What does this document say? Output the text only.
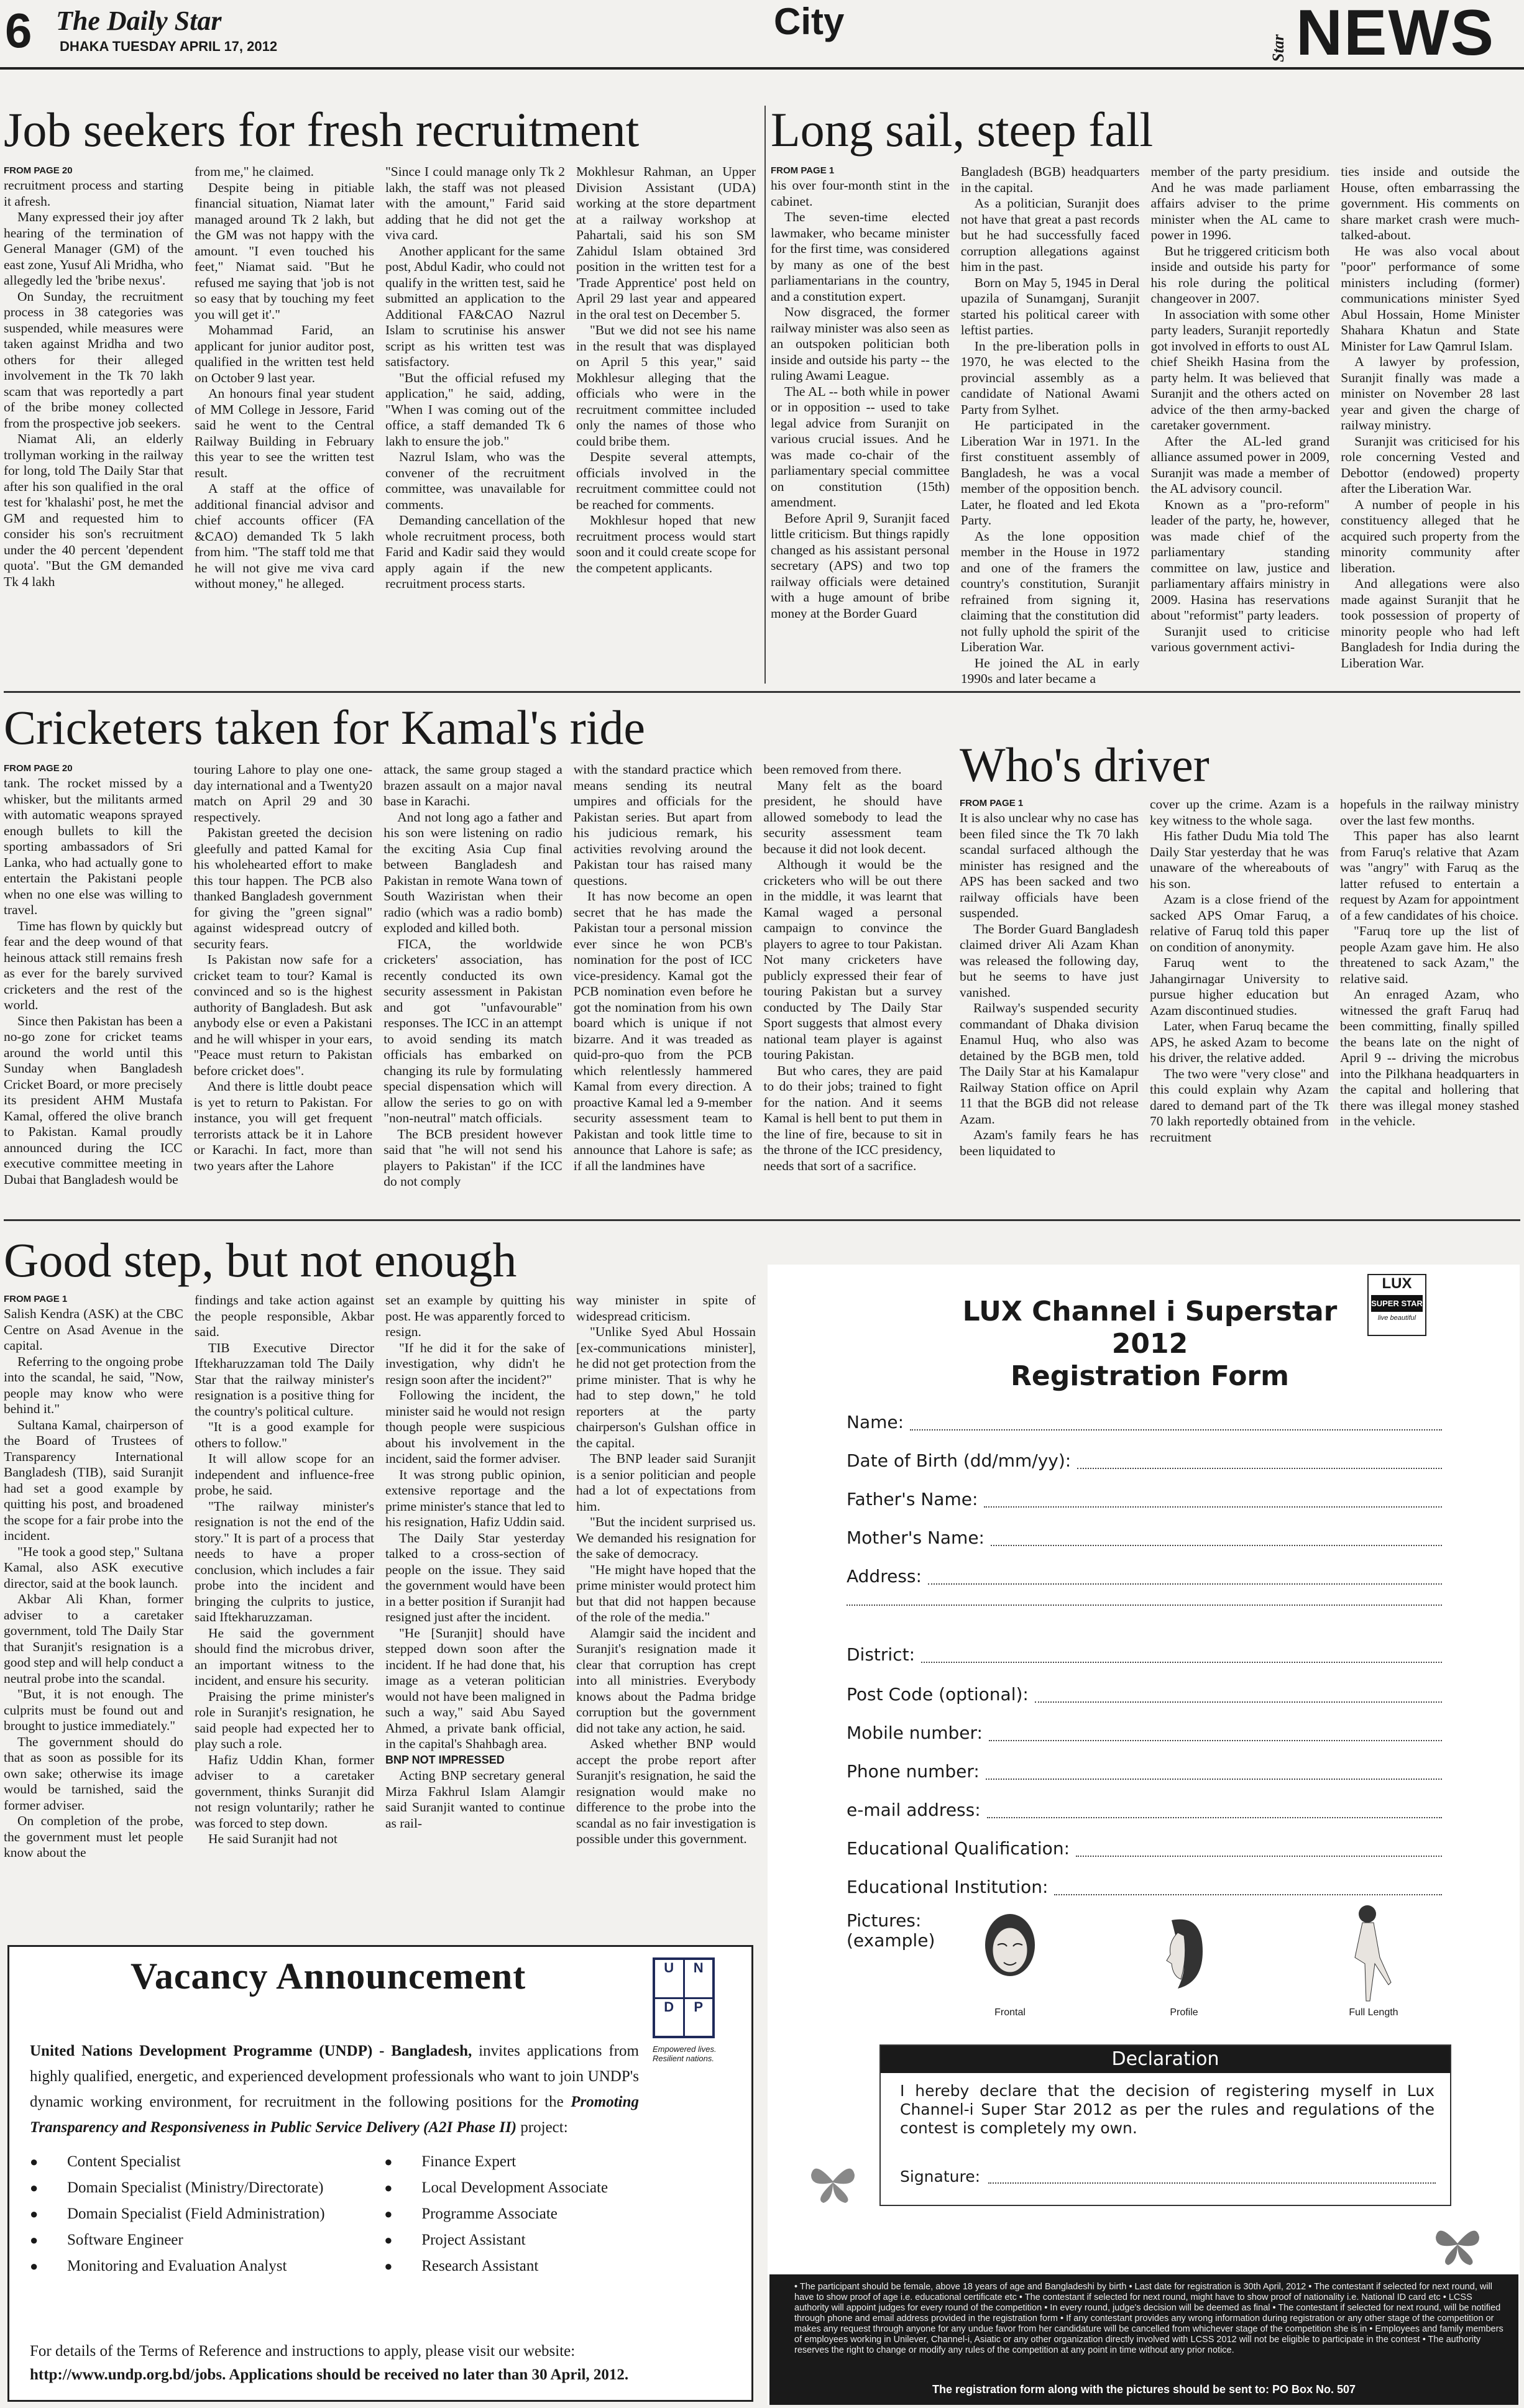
6 The Daily Star
DHAKA TUESDAY APRIL 17, 2012
City
Star NEWS
Job seekers for fresh recruitment
FROM PAGE 20

recruitment process and starting it afresh.

Many expressed their joy after hearing of the termination of General Manager (GM) of the east zone, Yusuf Ali Mridha, who allegedly led the 'bribe nexus'.

On Sunday, the recruitment process in 38 categories was suspended, while measures were taken against Mridha and two others for their alleged involvement in the Tk 70 lakh scam that was reportedly a part of the bribe money collected from the prospective job seekers.

Niamat Ali, an elderly trollyman working in the railway for long, told The Daily Star that after his son qualified in the oral test for 'khalashi' post, he met the GM and requested him to consider his son's recruitment under the 40 percent 'dependent quota'. "But the GM demanded Tk 4 lakh

from me," he claimed.

Despite being in pitiable financial situation, Niamat later managed around Tk 2 lakh, but the GM was not happy with the amount. "I even touched his feet," Niamat said. "But he refused me saying that 'job is not so easy that by touching my feet you will get it'."

Mohammad Farid, an applicant for junior auditor post, qualified in the written test held on October 9 last year.

An honours final year student of MM College in Jessore, Farid said he went to the Central Railway Building in February this year to see the written test result.

A staff at the office of additional financial advisor and chief accounts officer (FA &CAO) demanded Tk 5 lakh from him. "The staff told me that he will not give me viva card without money," he alleged.

"Since I could manage only Tk 2 lakh, the staff was not pleased with the amount," Farid said adding that he did not get the viva card.

Another applicant for the same post, Abdul Kadir, who could not qualify in the written test, said he submitted an application to the Additional FA&CAO Nazrul Islam to scrutinise his answer script as his written test was satisfactory.

"But the official refused my application," he said, adding, "When I was coming out of the office, a staff demanded Tk 6 lakh to ensure the job."

Nazrul Islam, who was the convener of the recruitment committee, was unavailable for comments.

Demanding cancellation of the whole recruitment process, both Farid and Kadir said they would apply again if the new recruitment process starts.

Mokhlesur Rahman, an Upper Division Assistant (UDA) working at the store department at a railway workshop at Pahartali, said his son SM Zahidul Islam obtained 3rd position in the written test for a 'Trade Apprentice' post held on April 29 last year and appeared in the oral test on December 5.

"But we did not see his name in the result that was displayed on April 5 this year," said Mokhlesur alleging that the officials who were in the recruitment committee included only the names of those who could bribe them.

Despite several attempts, officials involved in the recruitment committee could not be reached for comments.

Mokhlesur hoped that new recruitment process would start soon and it could create scope for the competent applicants.

Long sail, steep fall
FROM PAGE 1

his over four-month stint in the cabinet.

The seven-time elected lawmaker, who became minister for the first time, was considered by many as one of the best parliamentarians in the country, and a constitution expert.

Now disgraced, the former railway minister was also seen as an outspoken politician both inside and outside his party -- the ruling Awami League.

The AL -- both while in power or in opposition -- used to take legal advice from Suranjit on various crucial issues. And he was made co-chair of the parliamentary special committee on constitution (15th) amendment.

Before April 9, Suranjit faced little criticism. But things rapidly changed as his assistant personal secretary (APS) and two top railway officials were detained with a huge amount of bribe money at the Border Guard

Bangladesh (BGB) headquarters in the capital.

As a politician, Suranjit does not have that great a past records but he had successfully faced corruption allegations against him in the past.

Born on May 5, 1945 in Deral upazila of Sunamganj, Suranjit started his political career with leftist parties.

In the pre-liberation polls in 1970, he was elected to the provincial assembly as a candidate of National Awami Party from Sylhet.

He participated in the Liberation War in 1971. In the first constituent assembly of Bangladesh, he was a vocal member of the opposition bench. Later, he floated and led Ekota Party.

As the lone opposition member in the House in 1972 and one of the framers the country's constitution, Suranjit refrained from signing it, claiming that the constitution did not fully uphold the spirit of the Liberation War.

He joined the AL in early 1990s and later became a

member of the party presidium. And he was made parliament affairs adviser to the prime minister when the AL came to power in 1996.

But he triggered criticism both inside and outside his party for his role during the political changeover in 2007.

In association with some other party leaders, Suranjit reportedly got involved in efforts to oust AL chief Sheikh Hasina from the party helm. It was believed that Suranjit and the others acted on advice of the then army-backed caretaker government.

After the AL-led grand alliance assumed power in 2009, Suranjit was made a member of the AL advisory council.

Known as a "pro-reform" leader of the party, he, however, was made chief of the parliamentary standing committee on law, justice and parliamentary affairs ministry in 2009. Hasina has reservations about "reformist" party leaders.

Suranjit used to criticise various government activi-

ties inside and outside the House, often embarrassing the government. His comments on share market crash were much-talked-about.

He was also vocal about "poor" performance of some ministers including (former) communications minister Syed Abul Hossain, Home Minister Shahara Khatun and State Minister for Law Qamrul Islam.

A lawyer by profession, Suranjit finally was made a minister on November 28 last year and given the charge of railway ministry.

Suranjit was criticised for his role concerning Vested and Debottor (endowed) property after the Liberation War.

A number of people in his constituency alleged that he acquired such property from the minority community after liberation.

And allegations were also made against Suranjit that he took possession of property of minority people who had left Bangladesh for India during the Liberation War.

Cricketers taken for Kamal's ride
FROM PAGE 20

tank. The rocket missed by a whisker, but the militants armed with automatic weapons sprayed enough bullets to kill the sporting ambassadors of Sri Lanka, who had actually gone to entertain the Pakistani people when no one else was willing to travel.

Time has flown by quickly but fear and the deep wound of that heinous attack still remains fresh as ever for the barely survived cricketers and the rest of the world.

Since then Pakistan has been a no-go zone for cricket teams around the world until this Sunday when Bangladesh Cricket Board, or more precisely its president AHM Mustafa Kamal, offered the olive branch to Pakistan. Kamal proudly announced during the ICC executive committee meeting in Dubai that Bangladesh would be

touring Lahore to play one one-day international and a Twenty20 match on April 29 and 30 respectively.

Pakistan greeted the decision gleefully and patted Kamal for his wholehearted effort to make this tour happen. The PCB also thanked Bangladesh government for giving the "green signal" against widespread outcry of security fears.

Is Pakistan now safe for a cricket team to tour? Kamal is convinced and so is the highest authority of Bangladesh. But ask anybody else or even a Pakistani and he will whisper in your ears, "Peace must return to Pakistan before cricket does".

And there is little doubt peace is yet to return to Pakistan. For instance, you will get frequent terrorists attack be it in Lahore or Karachi. In fact, more than two years after the Lahore

attack, the same group staged a brazen assault on a major naval base in Karachi.

And not long ago a father and his son were listening on radio the exciting Asia Cup final between Bangladesh and Pakistan in remote Wana town of South Waziristan when their radio (which was a radio bomb) exploded and killed both.

FICA, the worldwide cricketers' association, has recently conducted its own security assessment in Pakistan and got "unfavourable" responses. The ICC in an attempt to avoid sending its match officials has embarked on changing its rule by formulating special dispensation which will allow the series to go on with "non-neutral" match officials.

The BCB president however said that "he will not send his players to Pakistan" if the ICC do not comply

with the standard practice which means sending its neutral umpires and officials for the Pakistan series. But apart from his judicious remark, his activities revolving around the Pakistan tour has raised many questions.

It has now become an open secret that he has made the Pakistan tour a personal mission ever since he won PCB's nomination for the post of ICC vice-presidency. Kamal got the PCB nomination even before he got the nomination from his own board which is unique if not bizarre. And it was treaded as quid-pro-quo from the PCB which relentlessly hammered Kamal from every direction. A proactive Kamal led a 9-member security assessment team to Pakistan and took little time to announce that Lahore is safe; as if all the landmines have

been removed from there.

Many felt as the board president, he should have allowed somebody to lead the security assessment team because it did not look decent.

Although it would be the cricketers who will be out there in the middle, it was learnt that Kamal waged a personal campaign to convince the players to agree to tour Pakistan. Not many cricketers have publicly expressed their fear of touring Pakistan but a survey conducted by The Daily Star Sport suggests that almost every national team player is against touring Pakistan.

But who cares, they are paid to do their jobs; trained to fight for the nation. And it seems Kamal is hell bent to put them in the line of fire, because to sit in the throne of the ICC presidency, needs that sort of a sacrifice.

Who's driver
FROM PAGE 1

It is also unclear why no case has been filed since the Tk 70 lakh scandal surfaced although the minister has resigned and the APS has been sacked and two railway officials have been suspended.

The Border Guard Bangladesh claimed driver Ali Azam Khan was released the following day, but he seems to have just vanished.

Railway's suspended security commandant of Dhaka division Enamul Huq, who also was detained by the BGB men, told The Daily Star at his Kamalapur Railway Station office on April 11 that the BGB did not release Azam.

Azam's family fears he has been liquidated to

cover up the crime. Azam is a key witness to the whole saga.

His father Dudu Mia told The Daily Star yesterday that he was unaware of the whereabouts of his son.

Azam is a close friend of the sacked APS Omar Faruq, a relative of Faruq told this paper on condition of anonymity.

Faruq went to the Jahangirnagar University to pursue higher education but Azam discontinued studies.

Later, when Faruq became the APS, he asked Azam to become his driver, the relative added.

The two were "very close" and this could explain why Azam dared to demand part of the Tk 70 lakh reportedly obtained from recruitment

hopefuls in the railway ministry over the last few months.

This paper has also learnt from Faruq's relative that Azam was "angry" with Faruq as the latter refused to entertain a request by Azam for appointment of a few candidates of his choice.

"Faruq tore up the list of people Azam gave him. He also threatened to sack Azam," the relative said.

An enraged Azam, who witnessed the graft Faruq had been committing, finally spilled the beans late on the night of April 9 -- driving the microbus into the Pilkhana headquarters in the capital and hollering that there was illegal money stashed in the vehicle.

Good step, but not enough
FROM PAGE 1

Salish Kendra (ASK) at the CBC Centre on Asad Avenue in the capital.

Referring to the ongoing probe into the scandal, he said, "Now, people may know who were behind it."

Sultana Kamal, chairperson of the Board of Trustees of Transparency International Bangladesh (TIB), said Suranjit had set a good example by quitting his post, and broadened the scope for a fair probe into the incident.

"He took a good step," Sultana Kamal, also ASK executive director, said at the book launch.

Akbar Ali Khan, former adviser to a caretaker government, told The Daily Star that Suranjit's resignation is a good step and will help conduct a neutral probe into the scandal.

"But, it is not enough. The culprits must be found out and brought to justice immediately."

The government should do that as soon as possible for its own sake; otherwise its image would be tarnished, said the former adviser.

On completion of the probe, the government must let people know about the

findings and take action against the people responsible, Akbar said.

TIB Executive Director Iftekharuzzaman told The Daily Star that the railway minister's resignation is a positive thing for the country's political culture.

"It is a good example for others to follow."

It will allow scope for an independent and influence-free probe, he said.

"The railway minister's resignation is not the end of the story." It is part of a process that needs to have a proper conclusion, which includes a fair probe into the incident and bringing the culprits to justice, said Iftekharuzzaman.

He said the government should find the microbus driver, an important witness to the incident, and ensure his security.

Praising the prime minister's role in Suranjit's resignation, he said people had expected her to play such a role.

Hafiz Uddin Khan, former adviser to a caretaker government, thinks Suranjit did not resign voluntarily; rather he was forced to step down.

He said Suranjit had not

set an example by quitting his post. He was apparently forced to resign.

"If he did it for the sake of investigation, why didn't he resign soon after the incident?"

Following the incident, the minister said he would not resign though people were suspicious about his involvement in the incident, said the former adviser.

It was strong public opinion, extensive reportage and the prime minister's stance that led to his resignation, Hafiz Uddin said.

The Daily Star yesterday talked to a cross-section of people on the issue. They said the government would have been in a better position if Suranjit had resigned just after the incident.

"He [Suranjit] should have stepped down soon after the incident. If he had done that, his image as a veteran politician would not have been maligned in such a way," said Abu Sayed Ahmed, a private bank official, in the capital's Shahbagh area.

BNP NOT IMPRESSED

Acting BNP secretary general Mirza Fakhrul Islam Alamgir said Suranjit wanted to continue as rail-

way minister in spite of widespread criticism.

"Unlike Syed Abul Hossain [ex-communications minister], he did not get protection from the prime minister. That is why he had to step down," he told reporters at the party chairperson's Gulshan office in the capital.

The BNP leader said Suranjit is a senior politician and people had a lot of expectations from him.

"But the incident surprised us. We demanded his resignation for the sake of democracy.

"He might have hoped that the prime minister would protect him but that did not happen because of the role of the media."

Alamgir said the incident and Suranjit's resignation made it clear that corruption has crept into all ministries. Everybody knows about the Padma bridge corruption but the government did not take any action, he said.

Asked whether BNP would accept the probe report after Suranjit's resignation, he said the resignation would make no difference to the probe into the scandal as no fair investigation is possible under this government.

Vacancy Announcement	U	N
D	P
Empowered lives. Resilient nations.

United Nations Development Programme (UNDP) - Bangladesh, invites applications from highly qualified, energetic, and experienced development professionals who want to join UNDP's dynamic working environment, for recruitment in the following positions for the Promoting Transparency and Responsiveness in Public Service Delivery (A2I Phase II) project:

● Content Specialist
● Domain Specialist (Ministry/Directorate)
● Domain Specialist (Field Administration)
● Software Engineer
● Monitoring and Evaluation Analyst
● Finance Expert
● Local Development Associate
● Programme Associate
● Project Assistant
● Research Assistant
For details of the Terms of Reference and instructions to apply, please visit our website:
http://www.undp.org.bd/jobs. Applications should be received no later than 30 April, 2012.
LUX Channel i Superstar 2012
Registration Form
LUX
SUPER STAR
live beautiful
Name:
Date of Birth (dd/mm/yy):
Father's Name:
Mother's Name:
Address:
District:
Post Code (optional):
Mobile number:
Phone number:
e-mail address:
Educational Qualification:
Educational Institution:
Pictures:
(example)
Frontal	Profile	Full Length
Declaration
I hereby declare that the decision of registering myself in Lux Channel-i Super Star 2012 as per the rules and regulations of the contest is completely my own.
Signature:
• The participant should be female, above 18 years of age and Bangladeshi by birth • Last date for registration is 30th April, 2012 • The contestant if selected for next round, will have to show proof of age i.e. educational certificate etc • The contestant if selected for next round, might have to show proof of nationality i.e. National ID card etc • LCSS authority will appoint judges for every round of the competition • In every round, judge's decision will be deemed as final • The contestant if selected for next round, will be notified through phone and email address provided in the registration form • If any contestant provides any wrong information during registration or any other stage of the competition or makes any request through anyone for any undue favor from her candidature will be cancelled from whichever stage of the competition she is in • Employees and family members of employees working in Unilever, Channel-i, Asiatic or any other organization directly involved with LCSS 2012 will not be eligible to participate in the contest • The authority reserves the right to change or modify any rules of the competition at any point in time without any prior notice.
The registration form along with the pictures should be sent to: PO Box No. 507
